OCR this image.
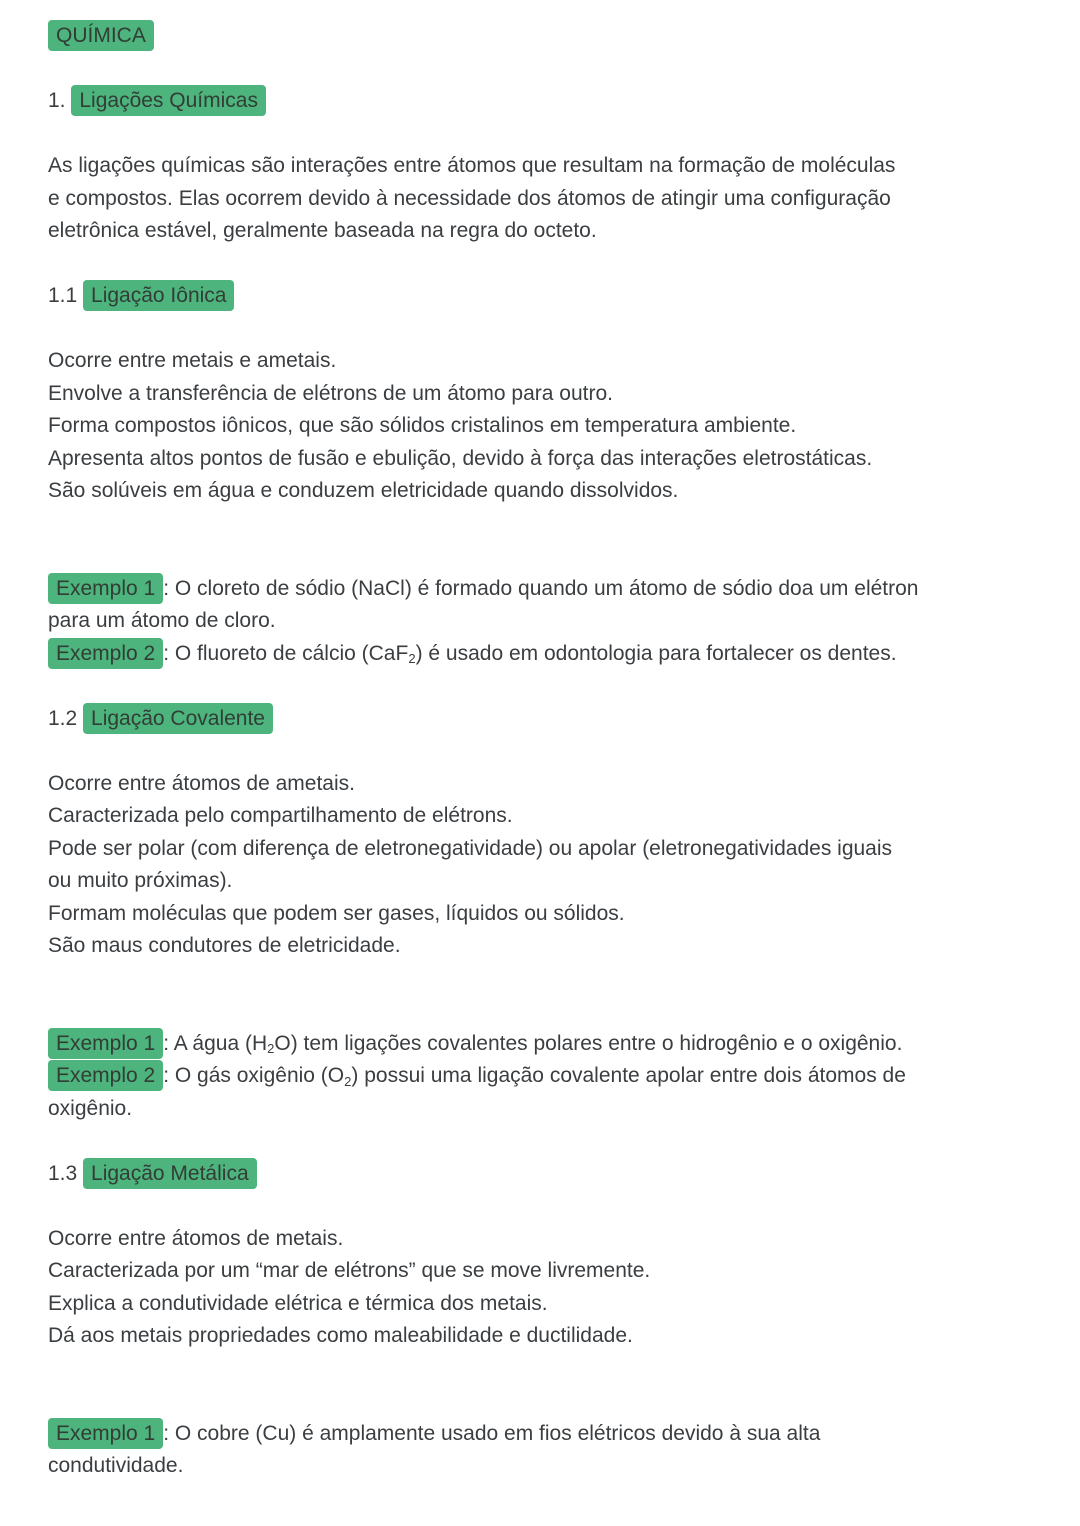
QUÍMICA
1. Ligações Químicas
As ligações químicas são interações entre átomos que resultam na formação de moléculas
e compostos. Elas ocorrem devido à necessidade dos átomos de atingir uma configuração
eletrônica estável, geralmente baseada na regra do octeto.
1.1 Ligação Iônica
Ocorre entre metais e ametais.
Envolve a transferência de elétrons de um átomo para outro.
Forma compostos iônicos, que são sólidos cristalinos em temperatura ambiente.
Apresenta altos pontos de fusão e ebulição, devido à força das interações eletrostáticas.
São solúveis em água e conduzem eletricidade quando dissolvidos.
Exemplo 1 : O cloreto de sódio (NaCl) é formado quando um átomo de sódio doa um elétron
para um átomo de cloro.
Exemplo 2 : O fluoreto de cálcio (CaF$_2$) é usado em odontologia para fortalecer os dentes.
1.2 Ligação Covalente
Ocorre entre átomos de ametais.
Caracterizada pelo compartilhamento de elétrons.
Pode ser polar (com diferença de eletronegatividade) ou apolar (eletronegatividades iguais
ou muito próximas).
Formam moléculas que podem ser gases, líquidos ou sólidos.
São maus condutores de eletricidade.
Exemplo 1 : A água $(H_2O)$ tem ligações covalentes polares entre o hidrogênio e o oxigênio.
Exemplo 2 : O gás oxigênio $(O_2)$ possui uma ligação covalente apolar entre dois átomos de
oxigênio.
1.3 Ligação Metálica
Ocorre entre átomos de metais.
Caracterizada por um “mar de elétrons” que se move livremente.
Explica a condutividade elétrica e térmica dos metais.
Dá aos metais propriedades como maleabilidade e ductilidade.
Exemplo 1 : O cobre (Cu) é amplamente usado em fios elétricos devido à sua alta
condutividade.
